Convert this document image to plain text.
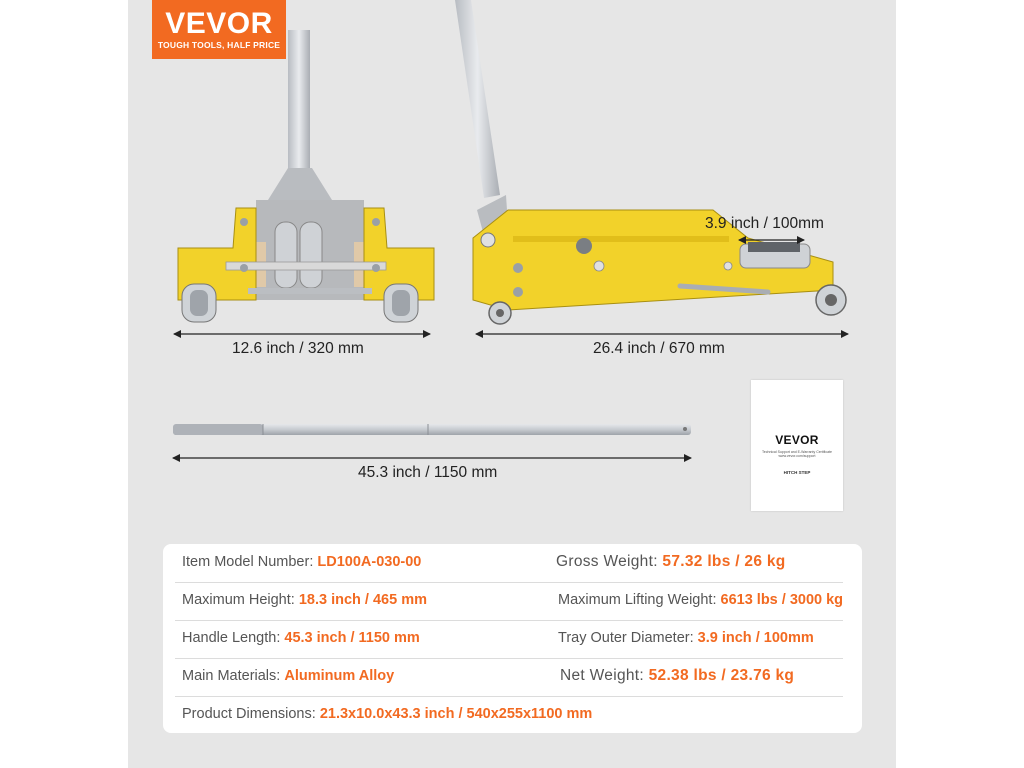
VEVOR
TOUGH TOOLS, HALF PRICE
12.6 inch / 320 mm	26.4 inch / 670 mm
3.9 inch / 100mm
45.3 inch / 1150 mm
VEVOR
Technical Support and E-Warranty Certificate www.vevor.com/support
HITCH STEP
Item Model Number: LD100A-030-00	Gross Weight: 57.32 lbs / 26 kg
Maximum Height: 18.3 inch / 465 mm	Maximum Lifting Weight: 6613 lbs / 3000 kg
Handle Length: 45.3 inch / 1150 mm	Tray Outer Diameter: 3.9 inch / 100mm
Main Materials: Aluminum Alloy	Net Weight: 52.38 lbs / 23.76 kg
Product Dimensions: 21.3x10.0x43.3 inch / 540x255x1100 mm
